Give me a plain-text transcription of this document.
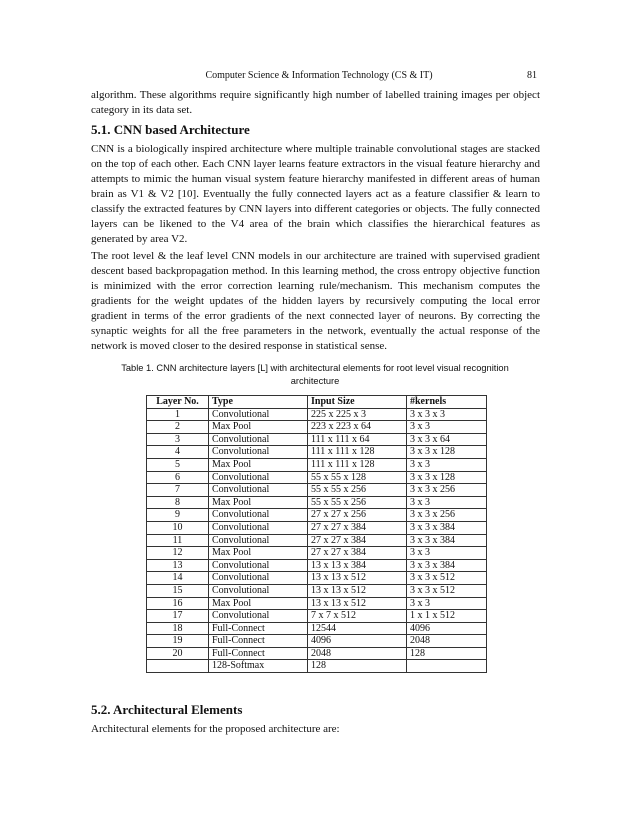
Computer Science & Information Technology (CS & IT)	81

algorithm. These algorithms require significantly high number of labelled training images per object category in its data set.

5.1. CNN based Architecture

CNN is a biologically inspired architecture where multiple trainable convolutional stages are stacked on the top of each other. Each CNN layer learns feature extractors in the visual feature hierarchy and attempts to mimic the human visual system feature hierarchy manifested in different areas of human brain as V1 & V2 [10]. Eventually the fully connected layers act as a feature classifier & learn to classify the extracted features by CNN layers into different categories or objects. The fully connected layers can be likened to the V4 area of the brain which classifies the hierarchical features as generated by area V2.

The root level & the leaf level CNN models in our architecture are trained with supervised gradient descent based backpropagation method. In this learning method, the cross entropy objective function is minimized with the error correction learning rule/mechanism. This mechanism computes the gradients for the weight updates of the hidden layers by recursively computing the local error gradient in terms of the error gradients of the next connected layer of neurons. By correcting the synaptic weights for all the free parameters in the network, eventually the actual response of the network is moved closer to the desired response in statistical sense.

Table 1. CNN architecture layers [L] with architectural elements for root level visual recognition architecture
Layer No.	Type	Input Size	#kernels
1	Convolutional	225 x 225 x 3	3 x 3 x 3
2	Max Pool	223 x 223 x 64	3 x 3
3	Convolutional	111 x 111 x 64	3 x 3 x 64
4	Convolutional	111 x 111 x 128	3 x 3 x 128
5	Max Pool	111 x 111 x 128	3 x 3
6	Convolutional	55 x 55 x 128	3 x 3 x 128
7	Convolutional	55 x 55 x 256	3 x 3 x 256
8	Max Pool	55 x 55 x 256	3 x 3
9	Convolutional	27 x 27 x 256	3 x 3 x 256
10	Convolutional	27 x 27 x 384	3 x 3 x 384
11	Convolutional	27 x 27 x 384	3 x 3 x 384
12	Max Pool	27 x 27 x 384	3 x 3
13	Convolutional	13 x 13 x 384	3 x 3 x 384
14	Convolutional	13 x 13 x 512	3 x 3 x 512
15	Convolutional	13 x 13 x 512	3 x 3 x 512
16	Max Pool	13 x 13 x 512	3 x 3
17	Convolutional	7 x 7 x 512	1 x 1 x 512
18	Full-Connect	12544	4096
19	Full-Connect	4096	2048
20	Full-Connect	2048	128
	128-Softmax	128	
5.2. Architectural Elements

Architectural elements for the proposed architecture are:
